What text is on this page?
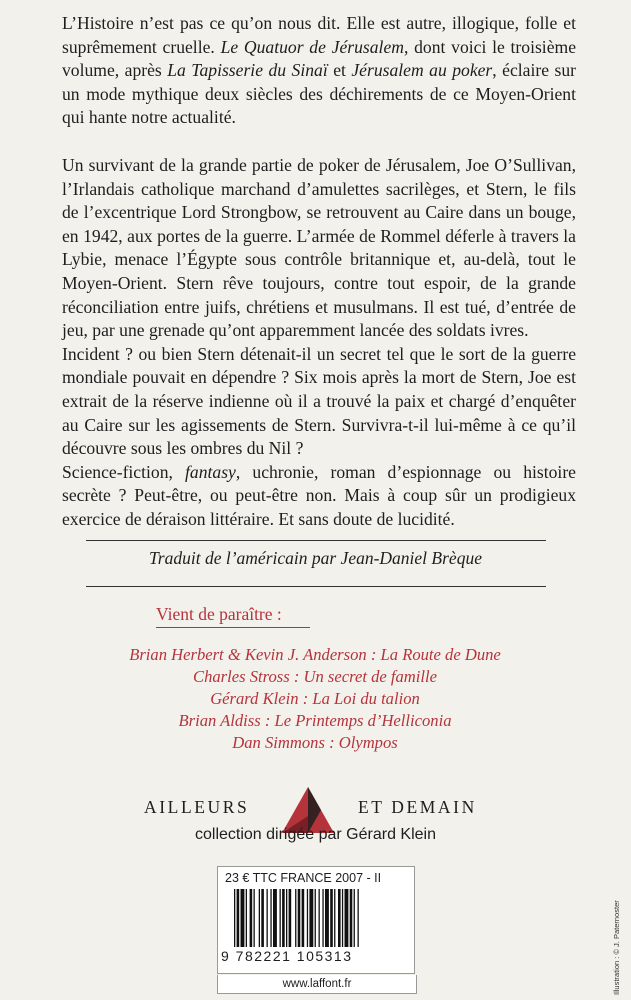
L’Histoire n’est pas ce qu’on nous dit. Elle est autre, illogique, folle et suprêmement cruelle. Le Quatuor de Jérusalem, dont voici le troisième volume, après La Tapisserie du Sinaï et Jérusalem au poker, éclaire sur un mode mythique deux siècles des déchirements de ce Moyen-Orient qui hante notre actualité.

Un survivant de la grande partie de poker de Jérusalem, Joe O’Sullivan, l’Irlandais catholique marchand d’amulettes sacrilèges, et Stern, le fils de l’excentrique Lord Strongbow, se retrouvent au Caire dans un bouge, en 1942, aux portes de la guerre. L’armée de Rommel déferle à travers la Lybie, menace l’Égypte sous contrôle britannique et, au-delà, tout le Moyen-Orient. Stern rêve toujours, contre tout espoir, de la grande réconciliation entre juifs, chrétiens et musulmans. Il est tué, d’entrée de jeu, par une grenade qu’ont apparemment lancée des soldats ivres.

Incident ? ou bien Stern détenait-il un secret tel que le sort de la guerre mondiale pouvait en dépendre ? Six mois après la mort de Stern, Joe est extrait de la réserve indienne où il a trouvé la paix et chargé d’enquêter au Caire sur les agissements de Stern. Survivra-t-il lui-même à ce qu’il découvre sous les ombres du Nil ?

Science-fiction, fantasy, uchronie, roman d’espionnage ou histoire secrète ? Peut-être, ou peut-être non. Mais à coup sûr un prodigieux exercice de déraison littéraire. Et sans doute de lucidité.

Traduit de l’américain par Jean-Daniel Brèque
Vient de paraître :
Brian Herbert & Kevin J. Anderson : La Route de Dune
Charles Stross : Un secret de famille
Gérard Klein : La Loi du talion
Brian Aldiss : Le Printemps d’Helliconia
Dan Simmons : Olympos
AILLEURS	ET DEMAIN
collection dirigée par Gérard Klein
23 € TTC FRANCE 2007 - II
9 782221 105313
www.laffont.fr	Illustration : © J. Paternoster
